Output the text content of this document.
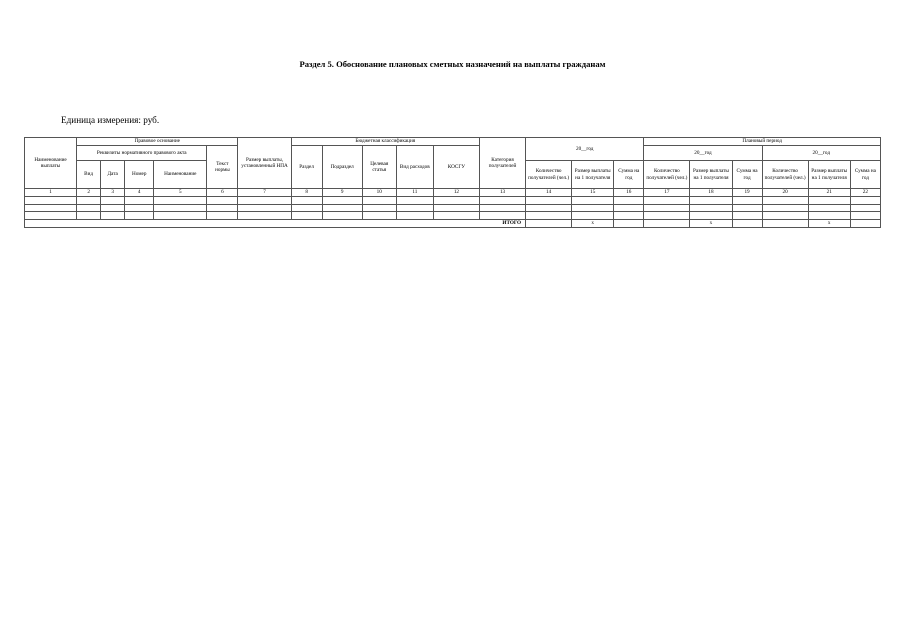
Раздел 5. Обоснование плановых сметных назначений на выплаты гражданам
Единица измерения: руб.
Наименование выплаты	Правовое основание					Размер выплаты, установленный НПА	Бюджетная классификация					Категория получателей	20__год			Плановый период					
	Реквизиты нормативного правового акта				Текст нормы		Раздел	Подраздел	Целевая статья	Вид расходов	КОСГУ					20__год			20__год		
	Вид	Дата	Номер	Наименование									Количество получателей (чел.)	Размер выплаты на 1 получателя	Сумма на год	Количество получателей (чел.)	Размер выплаты на 1 получателя	Сумма на год	Количество получателей (чел.)	Размер выплаты на 1 получателя	Сумма на год
1	2	3	4	5	6	7	8	9	10	11	12	13	14	15	16	17	18	19	20	21	22

ИТОГО														x			x			x	
